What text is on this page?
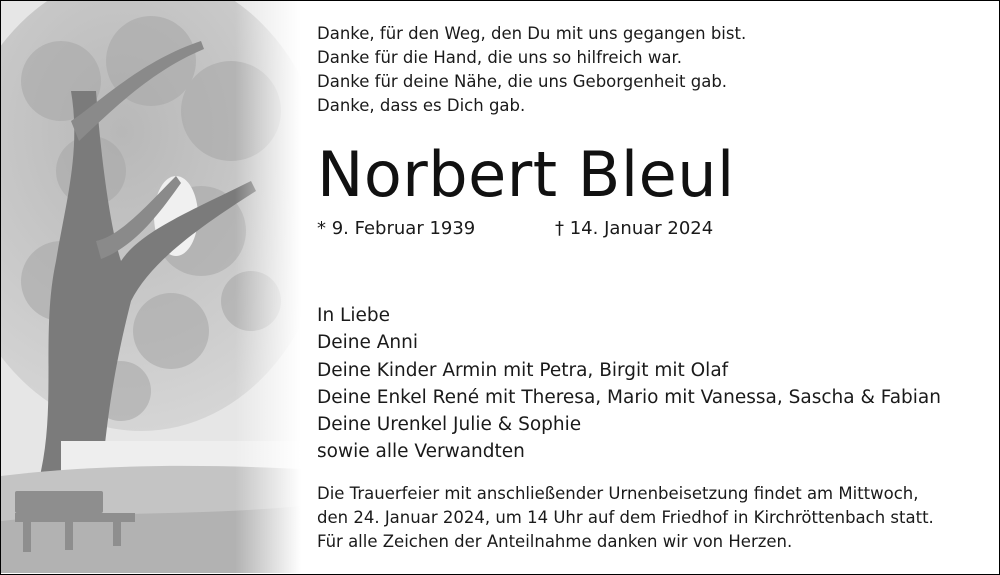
Danke, für den Weg, den Du mit uns gegangen bist.
Danke für die Hand, die uns so hilfreich war.
Danke für deine Nähe, die uns Geborgenheit gab.
Danke, dass es Dich gab.
Norbert Bleul
* 9. Februar 1939	† 14. Januar 2024
In Liebe
Deine Anni
Deine Kinder Armin mit Petra, Birgit mit Olaf
Deine Enkel René mit Theresa, Mario mit Vanessa, Sascha & Fabian
Deine Urenkel Julie & Sophie
sowie alle Verwandten
Die Trauerfeier mit anschließender Urnenbeisetzung findet am Mittwoch,
den 24. Januar 2024, um 14 Uhr auf dem Friedhof in Kirchröttenbach statt.
Für alle Zeichen der Anteilnahme danken wir von Herzen.
